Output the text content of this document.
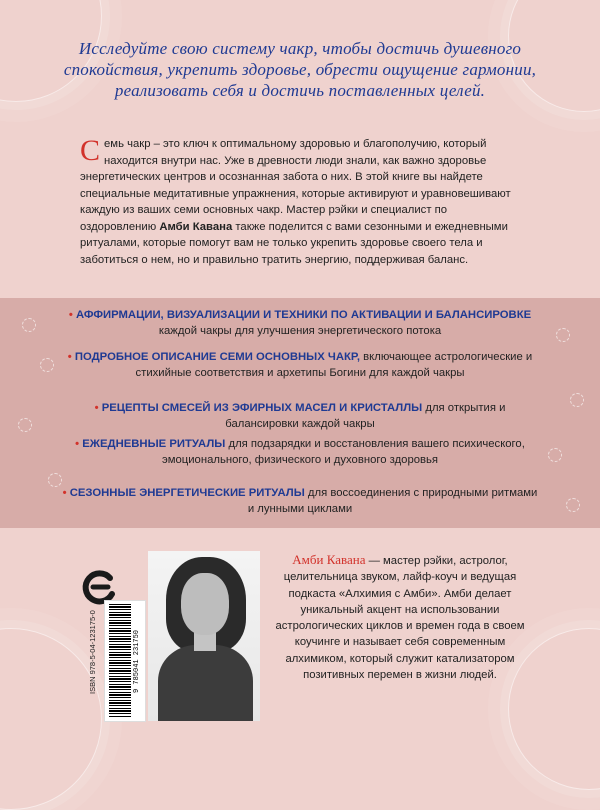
Исследуйте свою систему чакр, чтобы достичь душевного спокойствия, укрепить здоровье, обрести ощущение гармонии, реализовать себя и достичь поставленных целей.
Семь чакр – это ключ к оптимальному здоровью и благополучию, который находится внутри нас. Уже в древности люди знали, как важно здоровье энергетических центров и осознанная забота о них. В этой книге вы найдете специальные медитативные упражнения, которые активируют и уравновешивают каждую из ваших семи основных чакр. Мастер рэйки и специалист по оздоровлению Амби Кавана также поделится с вами сезонными и ежедневными ритуалами, которые помогут вам не только укрепить здоровье своего тела и заботиться о нем, но и правильно тратить энергию, поддерживая баланс.
• АФФИРМАЦИИ, ВИЗУАЛИЗАЦИИ И ТЕХНИКИ ПО АКТИВАЦИИ И БАЛАНСИРОВКЕ каждой чакры для улучшения энергетического потока
• ПОДРОБНОЕ ОПИСАНИЕ СЕМИ ОСНОВНЫХ ЧАКР, включающее астрологические и стихийные соответствия и архетипы Богини для каждой чакры
• РЕЦЕПТЫ СМЕСЕЙ ИЗ ЭФИРНЫХ МАСЕЛ И КРИСТАЛЛЫ для открытия и балансировки каждой чакры
• ЕЖЕДНЕВНЫЕ РИТУАЛЫ для подзарядки и восстановления вашего психического, эмоционального, физического и духовного здоровья
• СЕЗОННЫЕ ЭНЕРГЕТИЧЕСКИЕ РИТУАЛЫ для воссоединения с природными ритмами и лунными циклами
ISBN 978-5-04-123175-0	9 785041 231750
Амби Кавана — мастер рэйки, астролог, целительница звуком, лайф-коуч и ведущая подкаста «Алхимия с Амби». Амби делает уникальный акцент на использовании астрологических циклов и времен года в своем коучинге и называет себя современным алхимиком, который служит катализатором позитивных перемен в жизни людей.
